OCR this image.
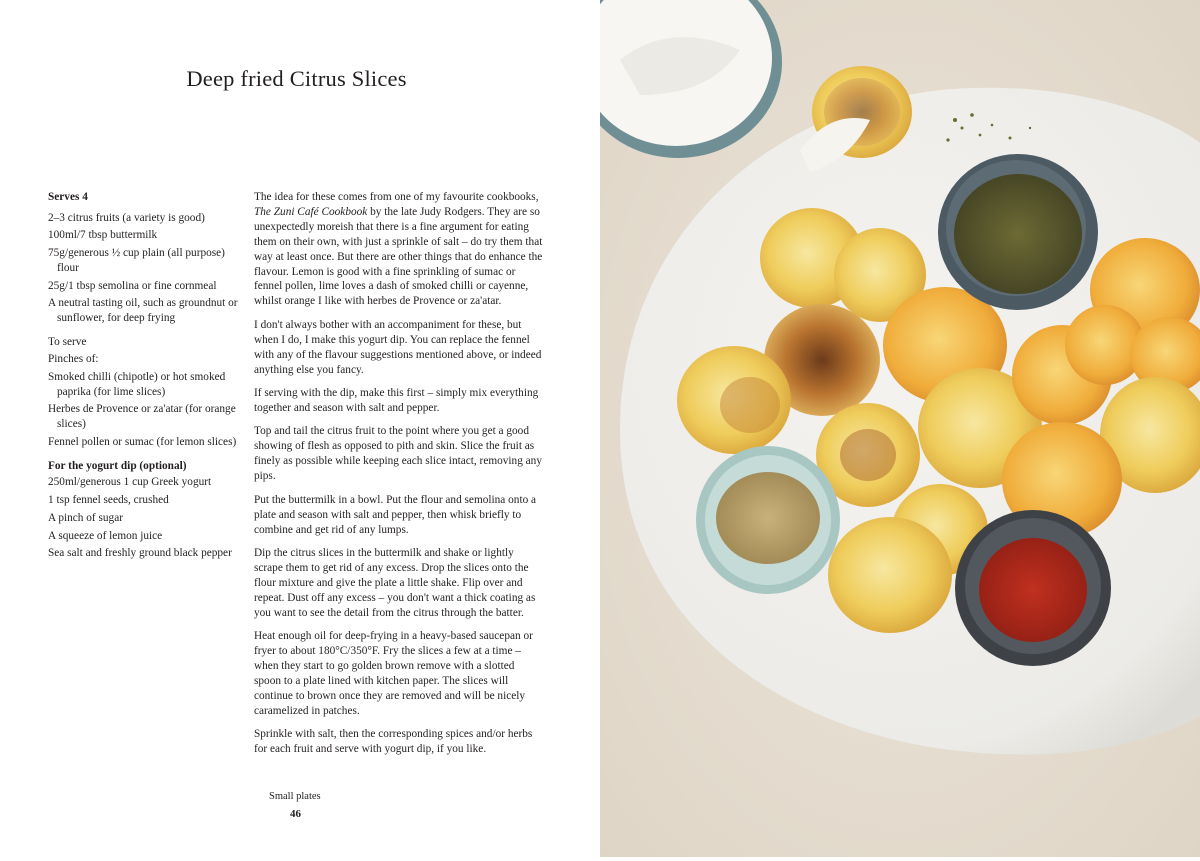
Deep fried Citrus Slices
Serves 4
2–3 citrus fruits (a variety is good)
100ml/7 tbsp buttermilk
75g/generous ½ cup plain (all purpose) flour
25g/1 tbsp semolina or fine cornmeal
A neutral tasting oil, such as groundnut or sunflower, for deep frying
To serve
Pinches of:
Smoked chilli (chipotle) or hot smoked paprika (for lime slices)
Herbes de Provence or za'atar (for orange slices)
Fennel pollen or sumac (for lemon slices)
For the yogurt dip (optional)
250ml/generous 1 cup Greek yogurt
1 tsp fennel seeds, crushed
A pinch of sugar
A squeeze of lemon juice
Sea salt and freshly ground black pepper

The idea for these comes from one of my favourite cookbooks, The Zuni Café Cookbook by the late Judy Rodgers. They are so unexpectedly moreish that there is a fine argument for eating them on their own, with just a sprinkle of salt – do try them that way at least once. But there are other things that do enhance the flavour. Lemon is good with a fine sprinkling of sumac or fennel pollen, lime loves a dash of smoked chilli or cayenne, whilst orange I like with herbes de Provence or za'atar.

I don't always bother with an accompaniment for these, but when I do, I make this yogurt dip. You can replace the fennel with any of the flavour suggestions mentioned above, or indeed anything else you fancy.

If serving with the dip, make this first – simply mix everything together and season with salt and pepper.

Top and tail the citrus fruit to the point where you get a good showing of flesh as opposed to pith and skin. Slice the fruit as finely as possible while keeping each slice intact, removing any pips.

Put the buttermilk in a bowl. Put the flour and semolina onto a plate and season with salt and pepper, then whisk briefly to combine and get rid of any lumps.

Dip the citrus slices in the buttermilk and shake or lightly scrape them to get rid of any excess. Drop the slices onto the flour mixture and give the plate a little shake. Flip over and repeat. Dust off any excess – you don't want a thick coating as you want to see the detail from the citrus through the batter.

Heat enough oil for deep-frying in a heavy-based saucepan or fryer to about 180°C/350°F. Fry the slices a few at a time – when they start to go golden brown remove with a slotted spoon to a plate lined with kitchen paper. The slices will continue to brown once they are removed and will be nicely caramelized in patches.

Sprinkle with salt, then the corresponding spices and/or herbs for each fruit and serve with yogurt dip, if you like.

Small plates
46
